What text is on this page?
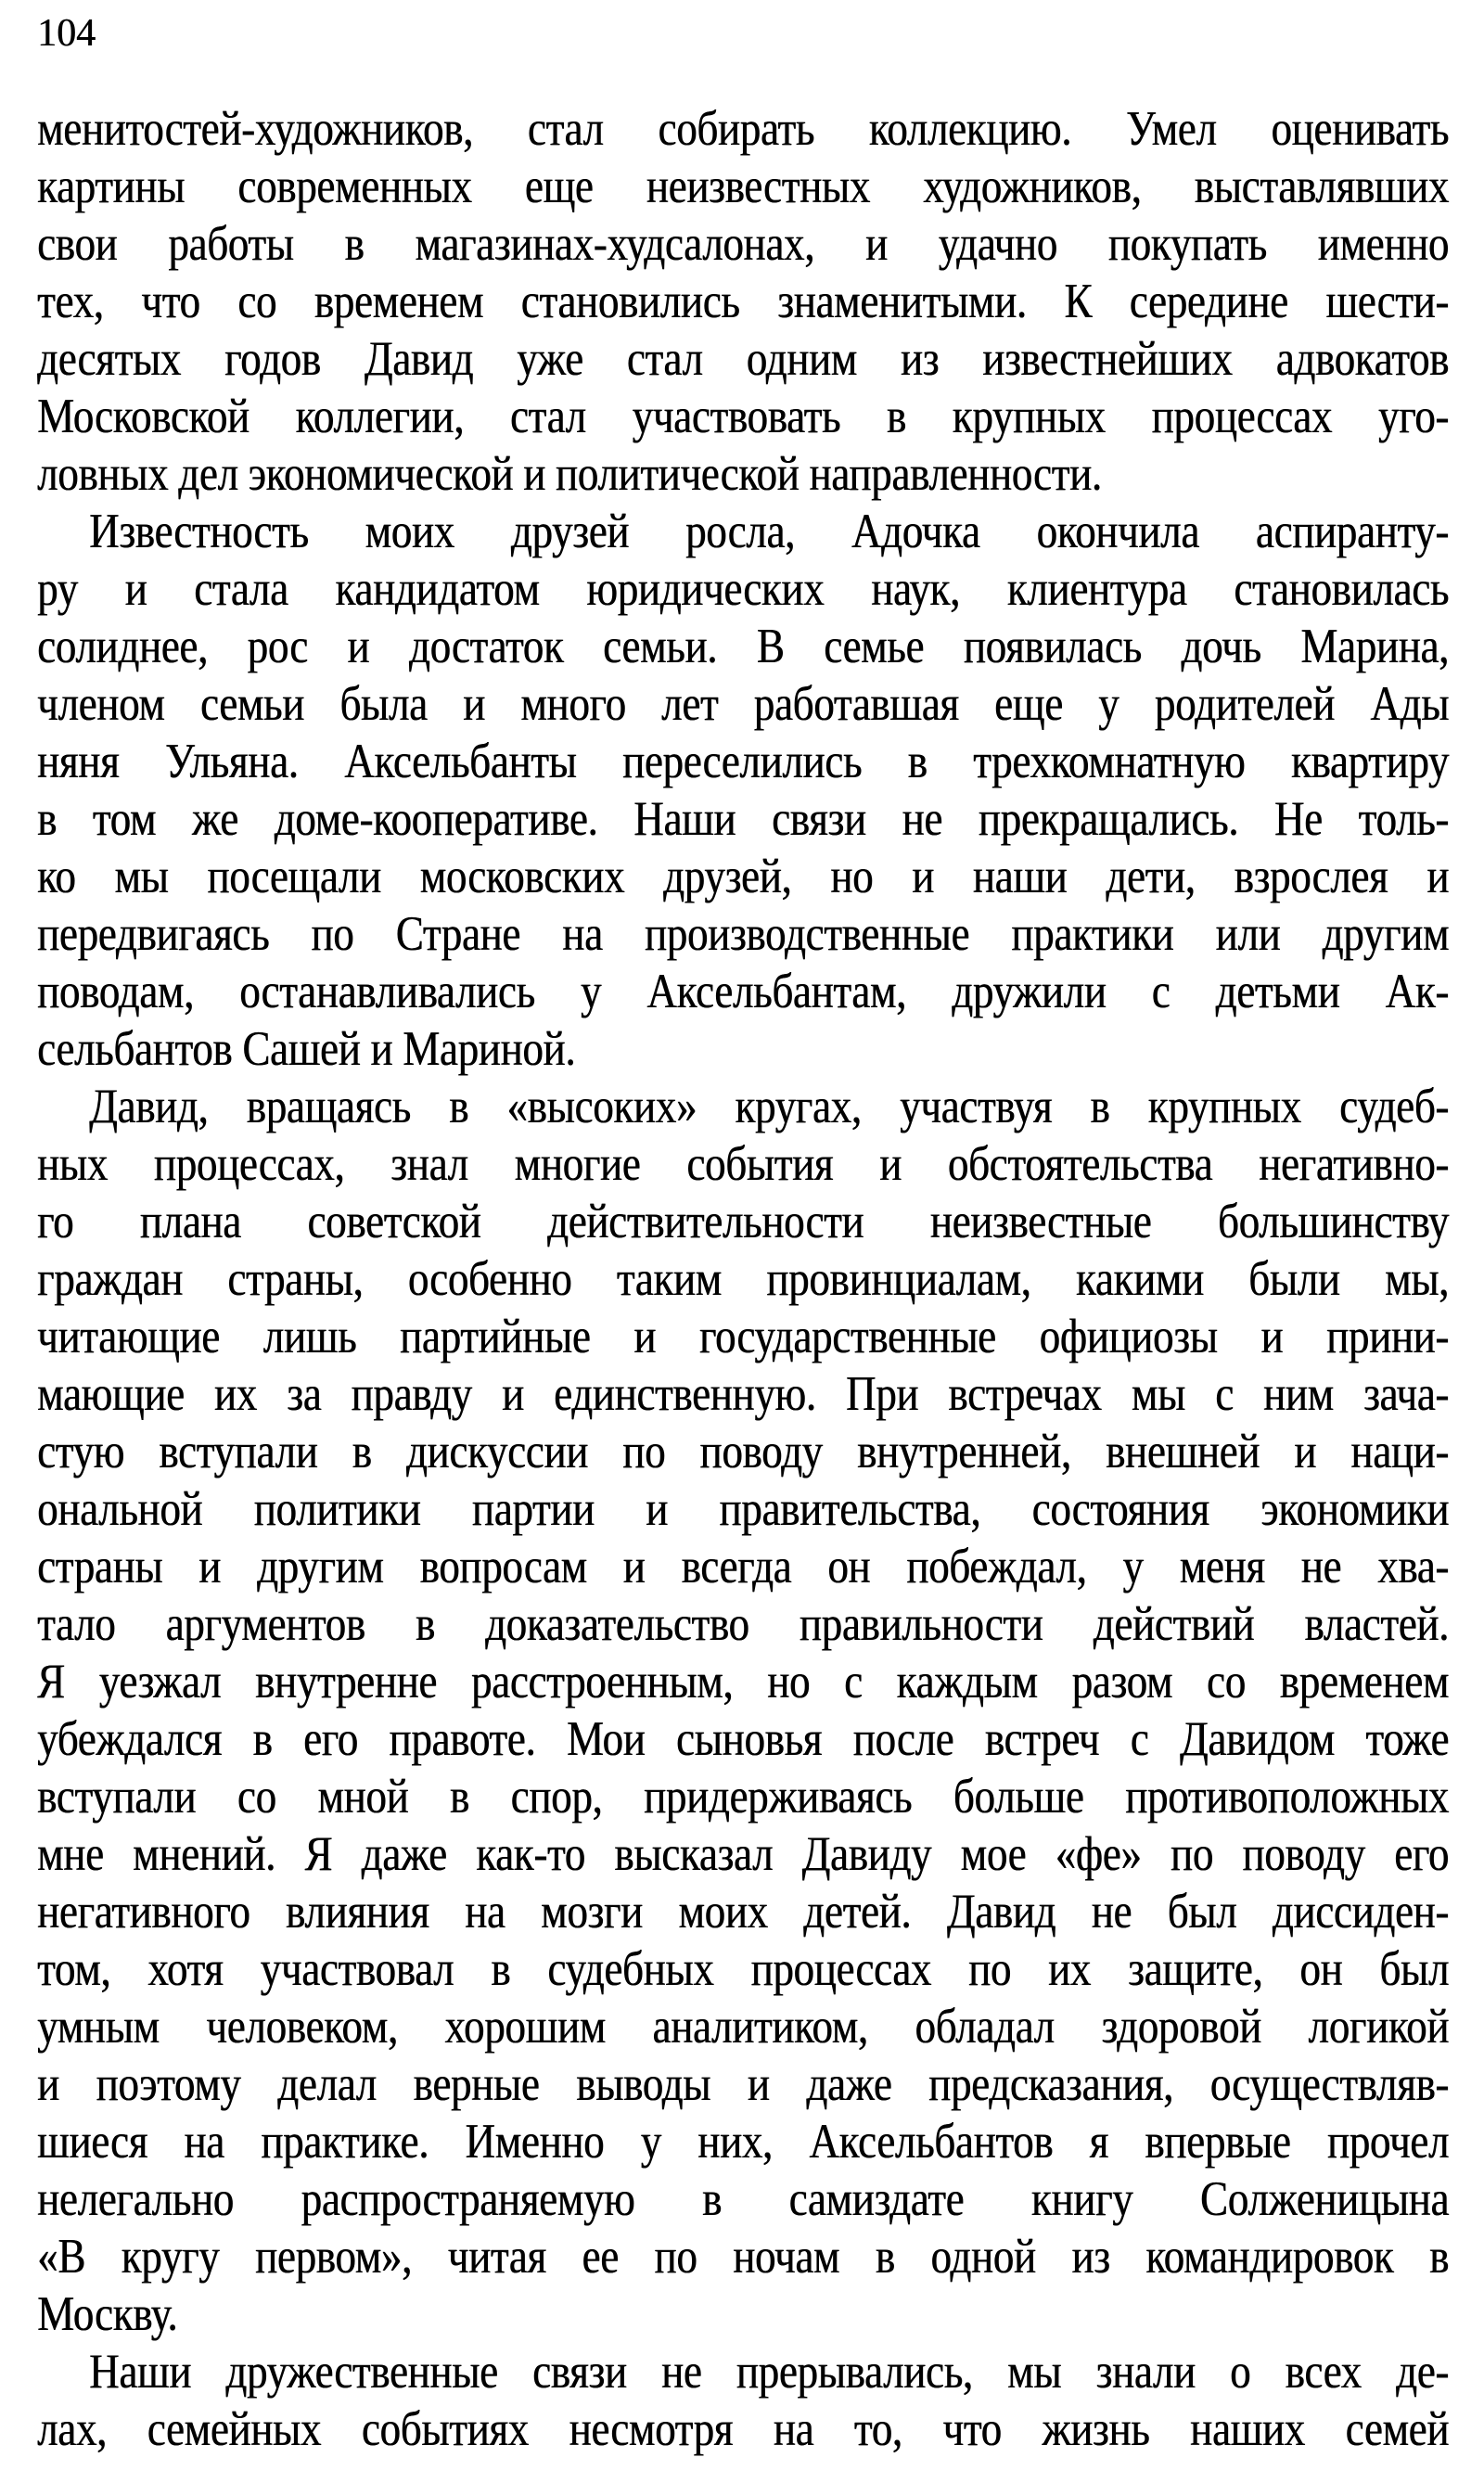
104

менитостей-художников, стал собирать коллекцию. Умел оценивать
картины современных еще неизвестных художников, выставлявших
свои работы в магазинах-худсалонах, и удачно покупать именно
тех, что со временем становились знаменитыми. К середине шести-
десятых годов Давид уже стал одним из известнейших адвокатов
Московской коллегии, стал участвовать в крупных процессах уго-
ловных дел экономической и политической направленности.

Известность моих друзей росла, Адочка окончила аспиранту-
ру и стала кандидатом юридических наук, клиентура становилась
солиднее, рос и достаток семьи. В семье появилась дочь Марина,
членом семьи была и много лет работавшая еще у родителей Ады
няня Ульяна. Аксельбанты переселились в трехкомнатную квартиру
в том же доме-кооперативе. Наши связи не прекращались. Не толь-
ко мы посещали московских друзей, но и наши дети, взрослея и
передвигаясь по Стране на производственные практики или другим
поводам, останавливались у Аксельбантам, дружили с детьми Ак-
сельбантов Сашей и Мариной.

Давид, вращаясь в «высоких» кругах, участвуя в крупных судеб-
ных процессах, знал многие события и обстоятельства негативно-
го плана советской действительности неизвестные большинству
граждан страны, особенно таким провинциалам, какими были мы,
читающие лишь партийные и государственные официозы и прини-
мающие их за правду и единственную. При встречах мы с ним зача-
стую вступали в дискуссии по поводу внутренней, внешней и наци-
ональной политики партии и правительства, состояния экономики
страны и другим вопросам и всегда он побеждал, у меня не хва-
тало аргументов в доказательство правильности действий властей.
Я уезжал внутренне расстроенным, но с каждым разом со временем
убеждался в его правоте. Мои сыновья после встреч с Давидом тоже
вступали со мной в спор, придерживаясь больше противоположных
мне мнений. Я даже как-то высказал Давиду мое «фе» по поводу его
негативного влияния на мозги моих детей. Давид не был диссиден-
том, хотя участвовал в судебных процессах по их защите, он был
умным человеком, хорошим аналитиком, обладал здоровой логикой
и поэтому делал верные выводы и даже предсказания, осуществляв-
шиеся на практике. Именно у них, Аксельбантов я впервые прочел
нелегально распространяемую в самиздате книгу Солженицына
«В кругу первом», читая ее по ночам в одной из командировок в
Москву.

Наши дружественные связи не прерывались, мы знали о всех де-
лах, семейных событиях несмотря на то, что жизнь наших семей
